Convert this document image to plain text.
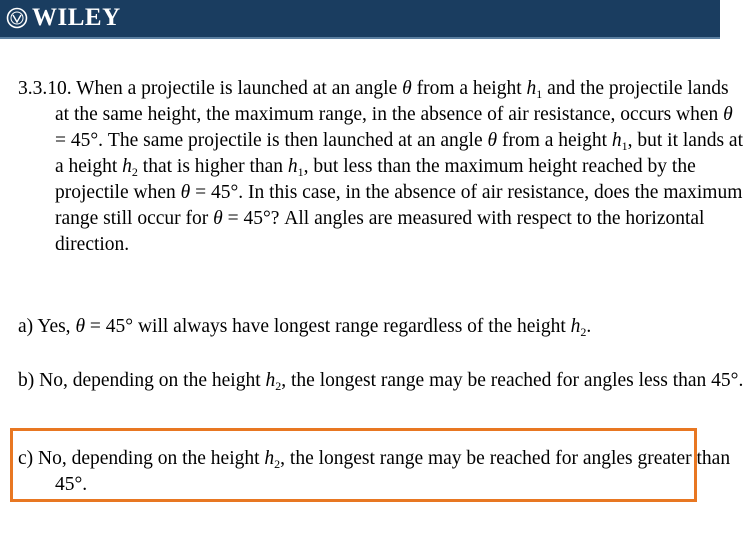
WILEY
3.3.10. When a projectile is launched at an angle θ from a height $h_1$ and the projectile lands at the same height, the maximum range, in the absence of air resistance, occurs when θ = 45°. The same projectile is then launched at an angle θ from a height $h_1$, but it lands at a height $h_2$ that is higher than $h_1$, but less than the maximum height reached by the projectile when θ = 45°. In this case, in the absence of air resistance, does the maximum range still occur for θ = 45°? All angles are measured with respect to the horizontal direction.
a) Yes, θ = 45° will always have longest range regardless of the height $h_2$.
b) No, depending on the height $h_2$, the longest range may be reached for angles less than 45°.
c) No, depending on the height $h_2$, the longest range may be reached for angles greater than 45°.
